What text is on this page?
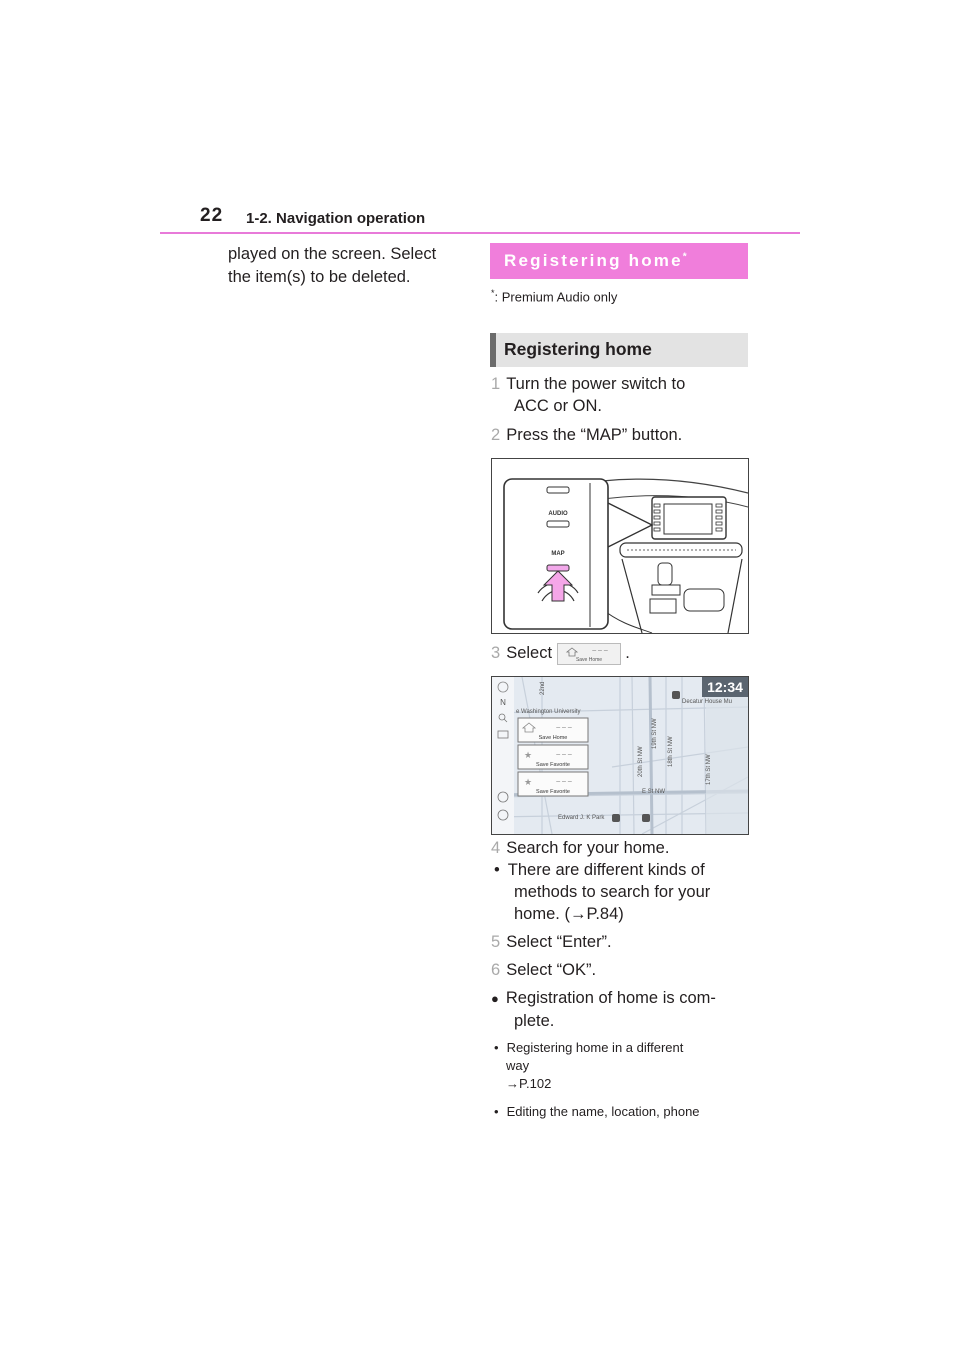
22 1-2. Navigation operation
played on the screen. Select
the item(s) to be deleted.
Registering home*
*: Premium Audio only
Registering home
1 Turn the power switch to
ACC or ON.
2 Press the “MAP” button.
AUDIO
MAP
3 Select	– – –
Save Home .
N
e Washington University
Decatur House Mu
E St NW
Edward J. K Park
20th St NW
19th St NW
18th St NW
17th St NW
22nd	12:34
– – –
Save Home
★	– – –
Save Favorite
★	– – –
Save Favorite
4 Search for your home.
• There are different kinds of
methods to search for your
home. (→P.84)
5 Select “Enter”.
6 Select “OK”.
● Registration of home is com-
plete.
• Registering home in a different
way
→P.102
• Editing the name, location, phone
